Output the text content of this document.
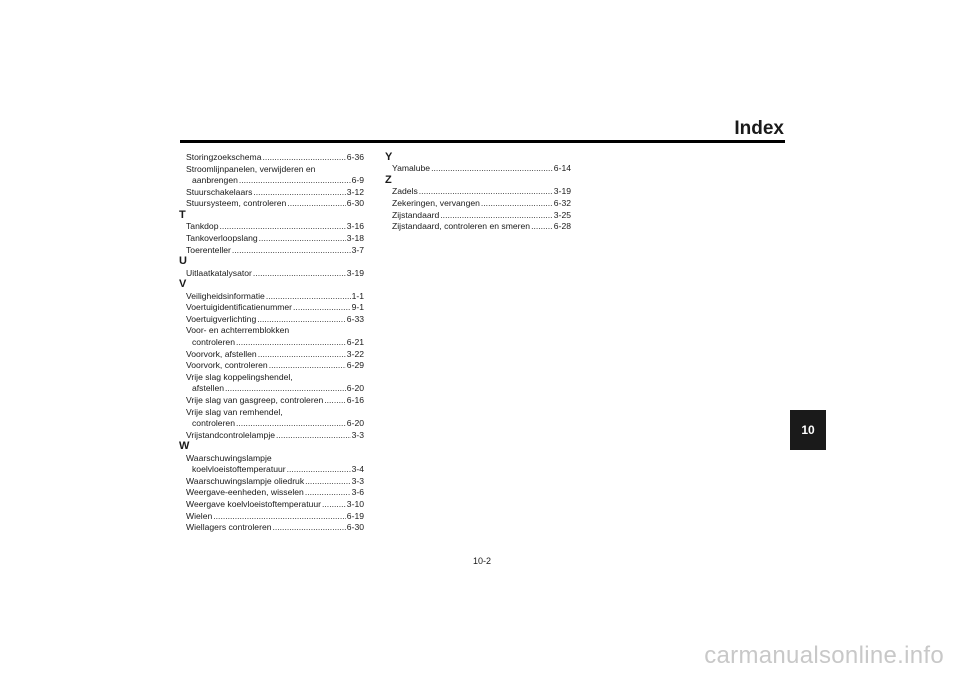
Index
10
Storingzoekschema .....	6-36
Stroomlijnpanelen, verwijderen en
aanbrengen .....	6-9
Stuurschakelaars .....	3-12
Stuursysteem, controleren .....	6-30
T
Tankdop .....	3-16
Tankoverloopslang .....	3-18
Toerenteller .....	3-7
U
Uitlaatkatalysator .....	3-19
V
Veiligheidsinformatie .....	1-1
Voertuigidentificatienummer .....	9-1
Voertuigverlichting .....	6-33
Voor- en achterremblokken
controleren .....	6-21
Voorvork, afstellen .....	3-22
Voorvork, controleren .....	6-29
Vrije slag koppelingshendel,
afstellen .....	6-20
Vrije slag van gasgreep, controleren .....	6-16
Vrije slag van remhendel,
controleren .....	6-20
Vrijstandcontrolelampje .....	3-3
W
Waarschuwingslampje
koelvloeistoftemperatuur .....	3-4
Waarschuwingslampje oliedruk .....	3-3
Weergave-eenheden, wisselen .....	3-6
Weergave koelvloeistoftemperatuur .....	3-10
Wielen .....	6-19
Wiellagers controleren .....	6-30
Y
Yamalube .....	6-14
Z
Zadels .....	3-19
Zekeringen, vervangen .....	6-32
Zijstandaard .....	3-25
Zijstandaard, controleren en smeren .....	6-28
10-2
carmanualsonline.info
